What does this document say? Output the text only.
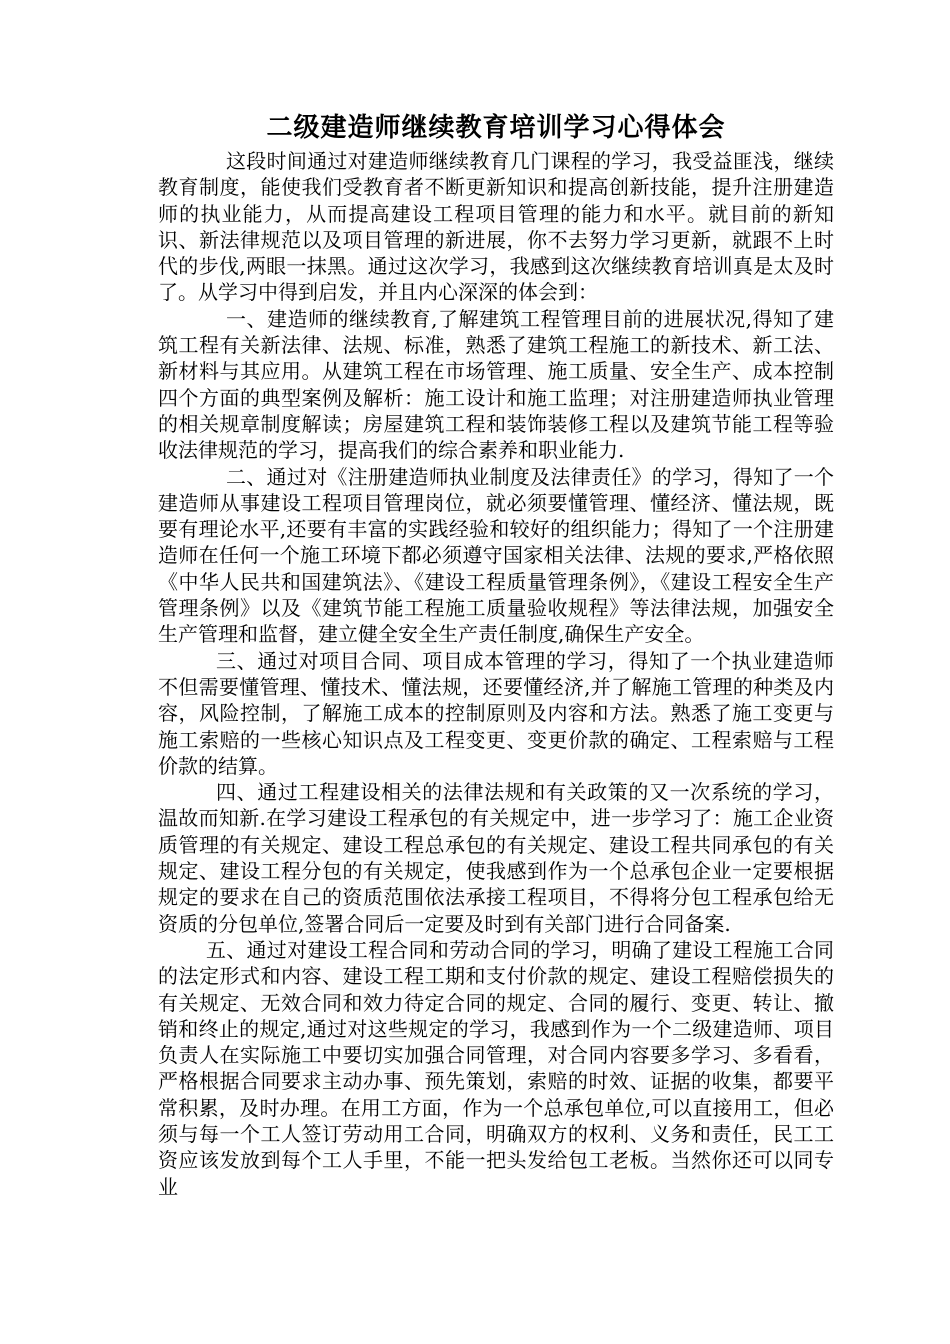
二级建造师继续教育培训学习心得体会

这段时间通过对建造师继续教育几门课程的学习，我受益匪浅，继续教育制度，能使我们受教育者不断更新知识和提高创新技能，提升注册建造师的执业能力，从而提高建设工程项目管理的能力和水平。就目前的新知识、新法律规范以及项目管理的新进展，你不去努力学习更新，就跟不上时代的步伐,两眼一抹黑。通过这次学习，我感到这次继续教育培训真是太及时了。从学习中得到启发，并且内心深深的体会到：

一、建造师的继续教育,了解建筑工程管理目前的进展状况,得知了建筑工程有关新法律、法规、标准，熟悉了建筑工程施工的新技术、新工法、新材料与其应用。从建筑工程在市场管理、施工质量、安全生产、成本控制四个方面的典型案例及解析：施工设计和施工监理；对注册建造师执业管理的相关规章制度解读；房屋建筑工程和装饰装修工程以及建筑节能工程等验收法律规范的学习，提高我们的综合素养和职业能力.

二、通过对《注册建造师执业制度及法律责任》的学习，得知了一个建造师从事建设工程项目管理岗位，就必须要懂管理、懂经济、懂法规，既要有理论水平,还要有丰富的实践经验和较好的组织能力；得知了一个注册建造师在任何一个施工环境下都必须遵守国家相关法律、法规的要求,严格依照《中华人民共和国建筑法》、《建设工程质量管理条例》，《建设工程安全生产管理条例》以及《建筑节能工程施工质量验收规程》等法律法规，加强安全生产管理和监督，建立健全安全生产责任制度,确保生产安全。

三、通过对项目合同、项目成本管理的学习，得知了一个执业建造师不但需要懂管理、懂技术、懂法规，还要懂经济,并了解施工管理的种类及内容，风险控制，了解施工成本的控制原则及内容和方法。熟悉了施工变更与施工索赔的一些核心知识点及工程变更、变更价款的确定、工程索赔与工程价款的结算。

四、通过工程建设相关的法律法规和有关政策的又一次系统的学习，温故而知新.在学习建设工程承包的有关规定中，进一步学习了：施工企业资质管理的有关规定、建设工程总承包的有关规定、建设工程共同承包的有关规定、建设工程分包的有关规定，使我感到作为一个总承包企业一定要根据规定的要求在自己的资质范围依法承接工程项目，不得将分包工程承包给无资质的分包单位,签署合同后一定要及时到有关部门进行合同备案.

五、通过对建设工程合同和劳动合同的学习，明确了建设工程施工合同的法定形式和内容、建设工程工期和支付价款的规定、建设工程赔偿损失的有关规定、无效合同和效力待定合同的规定、合同的履行、变更、转让、撤销和终止的规定,通过对这些规定的学习，我感到作为一个二级建造师、项目负责人在实际施工中要切实加强合同管理，对合同内容要多学习、多看看，严格根据合同要求主动办事、预先策划，索赔的时效、证据的收集，都要平常积累，及时办理。在用工方面，作为一个总承包单位,可以直接用工，但必须与每一个工人签订劳动用工合同，明确双方的权利、义务和责任，民工工资应该发放到每个工人手里，不能一把头发给包工老板。当然你还可以同专业
